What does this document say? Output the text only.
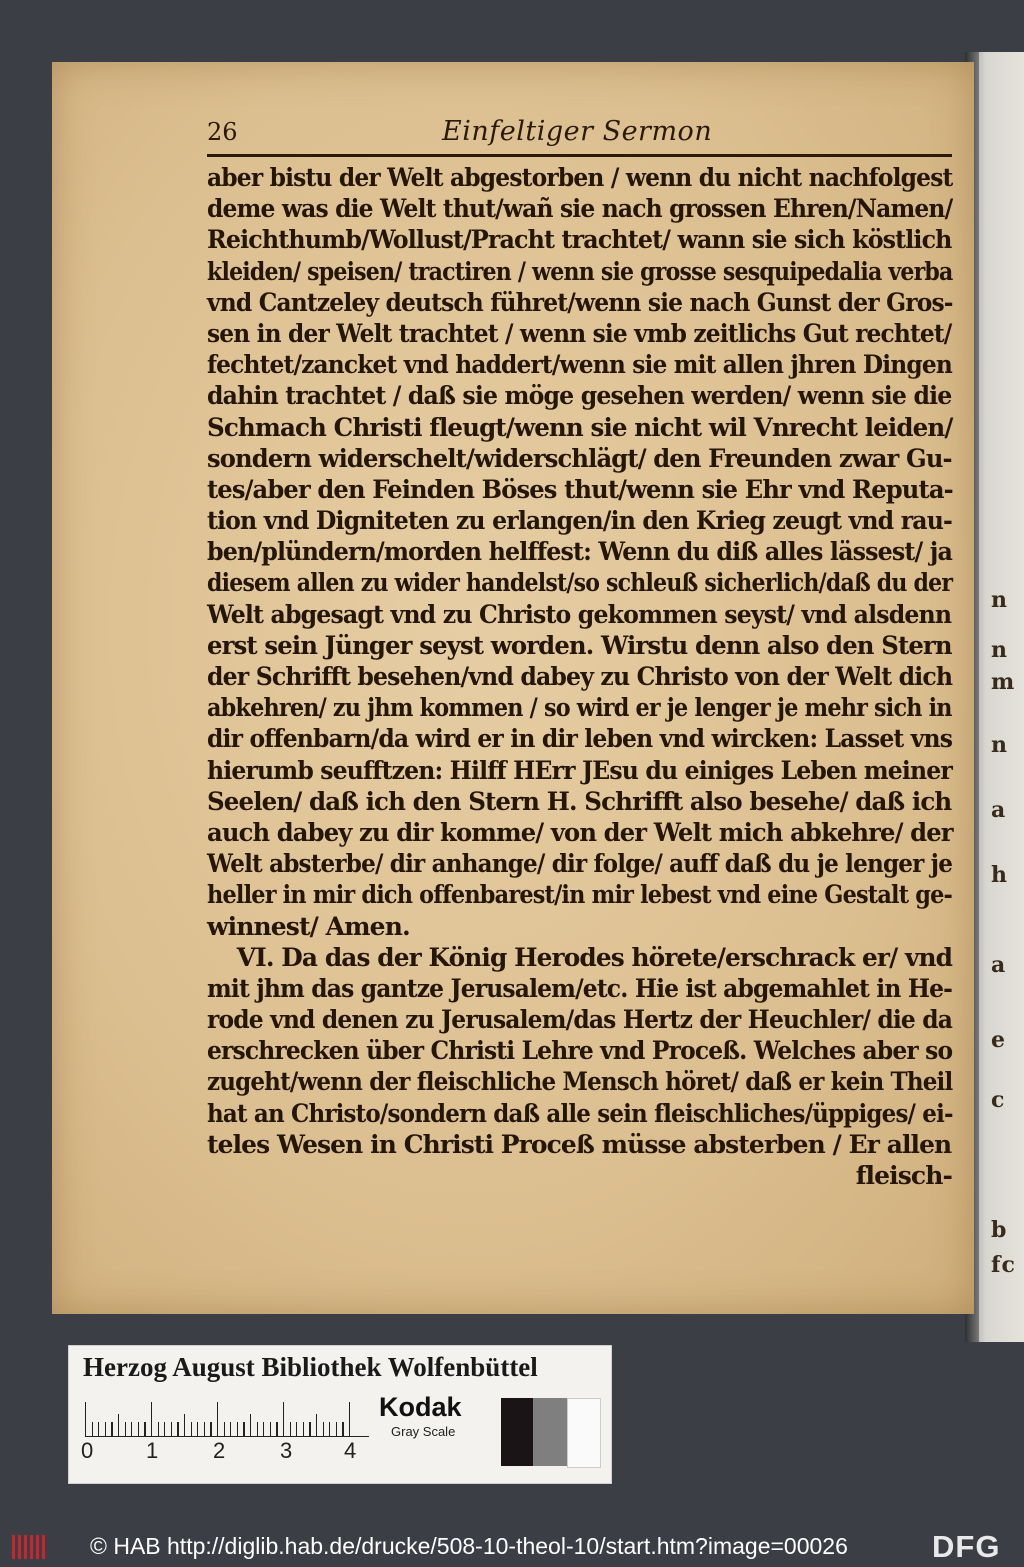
n
n
m
n
a
h
a
e
c
b
fc
26	Einfeltiger Sermon
aber bistu der Welt abgestorben / wenn du nicht nachfolgest
deme was die Welt thut/wañ sie nach grossen Ehren/Namen/
Reichthumb/Wollust/Pracht trachtet/ wann sie sich köstlich
kleiden/ speisen/ tractiren / wenn sie grosse sesquipedalia verba
vnd Cantzeley deutsch führet/wenn sie nach Gunst der Gros-
sen in der Welt trachtet / wenn sie vmb zeitlichs Gut rechtet/
fechtet/zancket vnd haddert/wenn sie mit allen jhren Dingen
dahin trachtet / daß sie möge gesehen werden/ wenn sie die
Schmach Christi fleugt/wenn sie nicht wil Vnrecht leiden/
sondern widerschelt/widerschlägt/ den Freunden zwar Gu-
tes/aber den Feinden Böses thut/wenn sie Ehr vnd Reputa-
tion vnd Digniteten zu erlangen/in den Krieg zeugt vnd rau-
ben/plündern/morden helffest: Wenn du diß alles lässest/ ja
diesem allen zu wider handelst/so schleuß sicherlich/daß du der
Welt abgesagt vnd zu Christo gekommen seyst/ vnd alsdenn
erst sein Jünger seyst worden. Wirstu denn also den Stern
der Schrifft besehen/vnd dabey zu Christo von der Welt dich
abkehren/ zu jhm kommen / so wird er je lenger je mehr sich in
dir offenbarn/da wird er in dir leben vnd wircken: Lasset vns
hierumb seufftzen: Hilff HErr JEsu du einiges Leben meiner
Seelen/ daß ich den Stern H. Schrifft also besehe/ daß ich
auch dabey zu dir komme/ von der Welt mich abkehre/ der
Welt absterbe/ dir anhange/ dir folge/ auff daß du je lenger je
heller in mir dich offenbarest/in mir lebest vnd eine Gestalt ge-
winnest/ Amen.
VI. Da das der König Herodes hörete/erschrack er/ vnd
mit jhm das gantze Jerusalem/etc. Hie ist abgemahlet in He-
rode vnd denen zu Jerusalem/das Hertz der Heuchler/ die da
erschrecken über Christi Lehre vnd Proceß. Welches aber so
zugeht/wenn der fleischliche Mensch höret/ daß er kein Theil
hat an Christo/sondern daß alle sein fleischliches/üppiges/ ei-
teles Wesen in Christi Proceß müsse absterben / Er allen
fleisch-
Herzog August Bibliothek Wolfenbüttel
0 1 2 3 4
Kodak
Gray Scale
© HAB http://diglib.hab.de/drucke/508-10-theol-10/start.htm?image=00026	DFG
